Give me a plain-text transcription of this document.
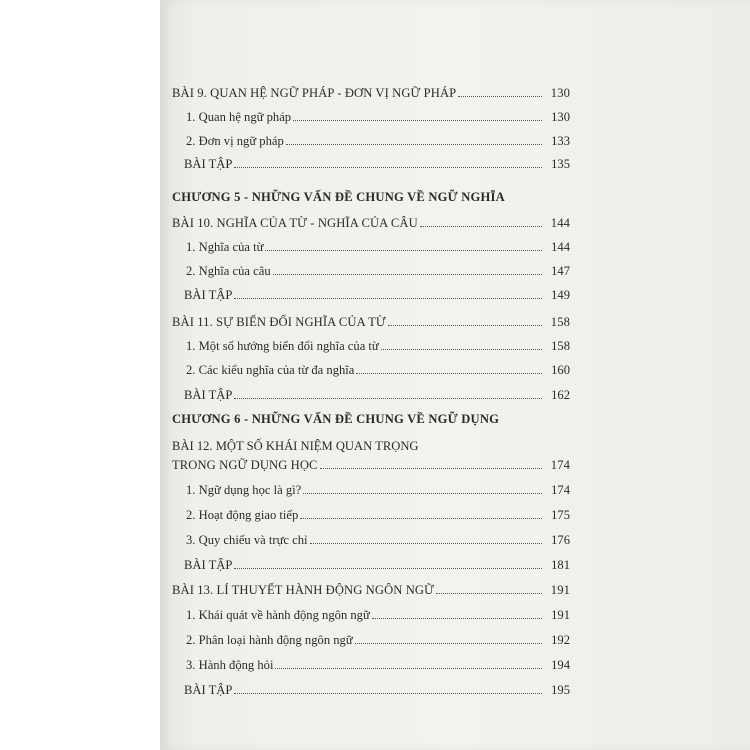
BÀI 9. QUAN HỆ NGỮ PHÁP - ĐƠN VỊ NGỮ PHÁP	130
1. Quan hệ ngữ pháp	130
2. Đơn vị ngữ pháp	133
BÀI TẬP	135
CHƯƠNG 5 - NHỮNG VẤN ĐỀ CHUNG VỀ NGỮ NGHĨA
BÀI 10. NGHĨA CỦA TỪ - NGHĨA CỦA CÂU	144
1. Nghĩa của từ	144
2. Nghĩa của câu	147
BÀI TẬP	149
BÀI 11. SỰ BIẾN ĐỔI NGHĨA CỦA TỪ	158
1. Một số hướng biến đổi nghĩa của từ	158
2. Các kiểu nghĩa của từ đa nghĩa	160
BÀI TẬP	162
CHƯƠNG 6 - NHỮNG VẤN ĐỀ CHUNG VỀ NGỮ DỤNG
BÀI 12. MỘT SỐ KHÁI NIỆM QUAN TRỌNG
TRONG NGỮ DỤNG HỌC	174
1. Ngữ dụng học là gì?	174
2. Hoạt động giao tiếp	175
3. Quy chiếu và trực chỉ	176
BÀI TẬP	181
BÀI 13. LÍ THUYẾT HÀNH ĐỘNG NGÔN NGỮ	191
1. Khái quát về hành động ngôn ngữ	191
2. Phân loại hành động ngôn ngữ	192
3. Hành động hỏi	194
BÀI TẬP	195
